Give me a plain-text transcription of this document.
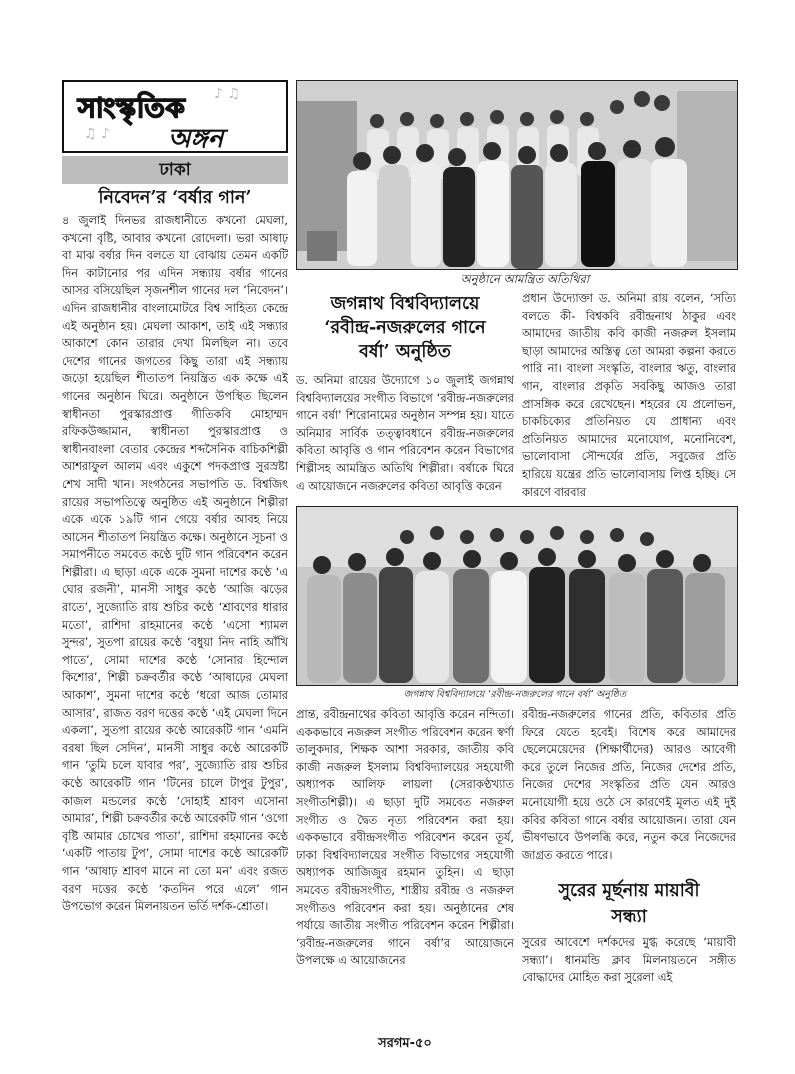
♪ ♫
♫ ♪
সাংস্কৃতিক
অঙ্গন
ঢাকা
নিবেদন’র ‘বর্ষার গান’

৪ জুলাই দিনভর রাজধানীতে কখনো মেঘলা, কখনো বৃষ্টি, আবার কখনো রোদেলা। ভরা আষাঢ় বা মাঝ বর্ষার দিন বলতে যা বোঝায় তেমন একটি দিন কাটানোর পর এদিন সন্ধ্যায় বর্ষার গানের আসর বসিয়েছিল সৃজনশীল গানের দল ‘নিবেদন’। এদিন রাজধানীর বাংলামোটরে বিশ্ব সাহিত্য কেন্দ্রে এই অনুষ্ঠান হয়। মেঘলা আকাশ, তাই এই সন্ধ্যার আকাশে কোন তারার দেখা মিলছিল না। তবে দেশের গানের জগতের কিছু তারা এই সন্ধ্যায় জড়ো হয়েছিল শীতাতপ নিয়ন্ত্রিত এক কক্ষে এই গানের অনুষ্ঠান ঘিরে। অনুষ্ঠানে উপস্থিত ছিলেন স্বাধীনতা পুরস্কারপ্রাপ্ত গীতিকবি মোহাম্মদ রফিকউজ্জামান, স্বাধীনতা পুরস্কারপ্রাপ্ত ও স্বাধীনবাংলা বেতার কেন্দ্রের শব্দসৈনিক বাচিকশিল্পী আশরাফুল আলম এবং একুশে পদকপ্রাপ্ত সুরস্রষ্টা শেখ সাদী খান। সংগঠনের সভাপতি ড. বিশ্বজিৎ রায়ের সভাপতিত্বে অনুষ্ঠিত এই অনুষ্ঠানে শিল্পীরা একে একে ১৯টি গান গেয়ে বর্ষার আবহ নিয়ে আসেন শীতাতপ নিয়ন্ত্রিত কক্ষে। অনুষ্ঠানে সূচনা ও সমাপনীতে সমবেত কণ্ঠে দুটি গান পরিবেশন করেন শিল্পীরা। এ ছাড়া একে একে সুমনা দাশের কণ্ঠে ‘এ ঘোর রজনী’, মানসী সাধুর কণ্ঠে ‘আজি ঝড়ের রাতে’, সুজ্যোতি রায় শুচির কণ্ঠে ‘শ্রাবণের ধারার মতো’, রাশিদা রাহমানের কণ্ঠে ‘এসো শ্যামল সুন্দর’, সুতপা রায়ের কণ্ঠে ‘বধুয়া নিদ নাহি আঁখি পাতে’, সোমা দাশের কণ্ঠে ‘সোনার হিন্দোল কিশোর’, শিল্পী চক্রবর্তীর কণ্ঠে ‘আষাঢ়ের মেঘলা আকাশ’, সুমনা দাশের কণ্ঠে ‘ধরো আজ তোমার আসার’, রাজত বরণ দত্তের কণ্ঠে ‘এই মেঘলা দিনে একলা’, সুতপা রায়ের কণ্ঠে আরেকটি গান ‘এমনি বরষা ছিল সেদিন’, মানসী সাধুর কণ্ঠে আরেকটি গান ‘তুমি চলে যাবার পর’, সুজ্যোতি রায় শুচির কণ্ঠে আরেকটি গান ‘টিনের চালে টাপুর টুপুর’, কাজল মন্ডলের কণ্ঠে ‘দোহাই শ্রাবণ এসোনা আমার’, শিল্পী চক্রবর্তীর কণ্ঠে আরেকটি গান ‘ওগো বৃষ্টি আমার চোখের পাতা’, রাশিদা রহমানের কণ্ঠে ‘একটি পাতায় টুপ’, সোমা দাশের কণ্ঠে আরেকটি গান ‘আষাঢ় শ্রাবণ মানে না তো মন’ এবং রজত বরণ দত্তের কণ্ঠে ‘কতদিন পরে এলে’ গান উপভোগ করেন মিলনায়তন ভর্তি দর্শক-শ্রোতা।

অনুষ্ঠানে আমন্ত্রিত অতিথিরা
জগন্নাথ বিশ্ববিদ্যালয়ে
‘রবীন্দ্র-নজরুলের গানে
বর্ষা’ অনুষ্ঠিত

ড. অনিমা রায়ের উদ্যোগে ১০ জুলাই জগন্নাথ বিশ্ববিদ্যালয়ের সংগীত বিভাগে ‘রবীন্দ্র-নজরুলের গানে বর্ষা’ শিরোনামের অনুষ্ঠান সম্পন্ন হয়। যাতে অনিমার সার্বিক তত্ত্বাবধানে রবীন্দ্র-নজরুলের কবিতা আবৃত্তি ও গান পরিবেশন করেন বিভাগের শিল্পীসহ আমন্ত্রিত অতিথি শিল্পীরা। বর্ষাকে ঘিরে এ আয়োজনে নজরুলের কবিতা আবৃত্তি করেন

প্রধান উদ্যোক্তা ড. অনিমা রায় বলেন, ‘সত্যি বলতে কী- বিশ্বকবি রবীন্দ্রনাথ ঠাকুর এবং আমাদের জাতীয় কবি কাজী নজরুল ইসলাম ছাড়া আমাদের অস্তিত্ব তো আমরা কল্পনা করতে পারি না। বাংলা সংস্কৃতি, বাংলার ঋতু, বাংলার গান, বাংলার প্রকৃতি সবকিছু আজও তারা প্রাসঙ্গিক করে রেখেছেন। শহরের যে প্রলোভন, চাকচিক্যের প্রতিনিয়ত যে প্রাধান্য এবং প্রতিনিয়ত আমাদের মনোযোগ, মনোনিবেশ, ভালোবাসা সৌন্দর্যের প্রতি, সবুজের প্রতি হারিয়ে যন্ত্রের প্রতি ভালোবাসায় লিপ্ত হচ্ছি। সে কারণে বারবার

জগন্নাথ বিশ্ববিদ্যালয়ে ‘রবীন্দ্র-নজরুলের গানে বর্ষা’ অনুষ্ঠিত

প্রান্ত, রবীন্দ্রনাথের কবিতা আবৃত্তি করেন নন্দিতা। এককভাবে নজরুল সংগীত পরিবেশন করেন স্বর্ণা তালুকদার, শিক্ষক আশা সরকার, জাতীয় কবি কাজী নজরুল ইসলাম বিশ্ববিদ্যালয়ের সহযোগী অধ্যাপক আলিফ লায়লা (সেরাকণ্ঠখ্যাত সংগীতশিল্পী)। এ ছাড়া দুটি সমবেত নজরুল সংগীত ও দ্বৈত নৃত্য পরিবেশন করা হয়। এককভাবে রবীন্দ্রসংগীত পরিবেশন করেন তূর্য, ঢাকা বিশ্ববিদ্যালয়ের সংগীত বিভাগের সহযোগী অধ্যাপক আজিজুর রহমান তুহিন। এ ছাড়া সমবেত রবীন্দ্রসংগীত, শাস্ত্রীয় রবীন্দ্র ও নজরুল সংগীতও পরিবেশন করা হয়। অনুষ্ঠানের শেষ পর্যায়ে জাতীয় সংগীত পরিবেশন করেন শিল্পীরা। ‘রবীন্দ্র-নজরুলের গানে বর্ষা’র আয়োজনে উপলক্ষে এ আয়োজনের

রবীন্দ্র-নজরুলের গানের প্রতি, কবিতার প্রতি ফিরে যেতে হবেই। বিশেষ করে আমাদের ছেলেমেয়েদের (শিক্ষার্থীদের) আরও আবেগী করে তুলে নিজের প্রতি, নিজের দেশের প্রতি, নিজের দেশের সংস্কৃতির প্রতি যেন আরও মনোযোগী হয়ে ওঠে সে কারণেই মূলত এই দুই কবির কবিতা গানে বর্ষার আয়োজন। তারা যেন ভীষণভাবে উপলব্ধি করে, নতুন করে নিজেদের জাগ্রত করতে পারে।

সুরের মূর্ছনায় মায়াবী
সন্ধ্যা

সুরের আবেশে দর্শকদের মুগ্ধ করেছে ‘মায়াবী সন্ধ্যা’। ধানমন্ডি ক্লাব মিলনায়তনে সঙ্গীত বোদ্ধাদের মোহিত করা সুরেলা এই

সরগম-৫০
